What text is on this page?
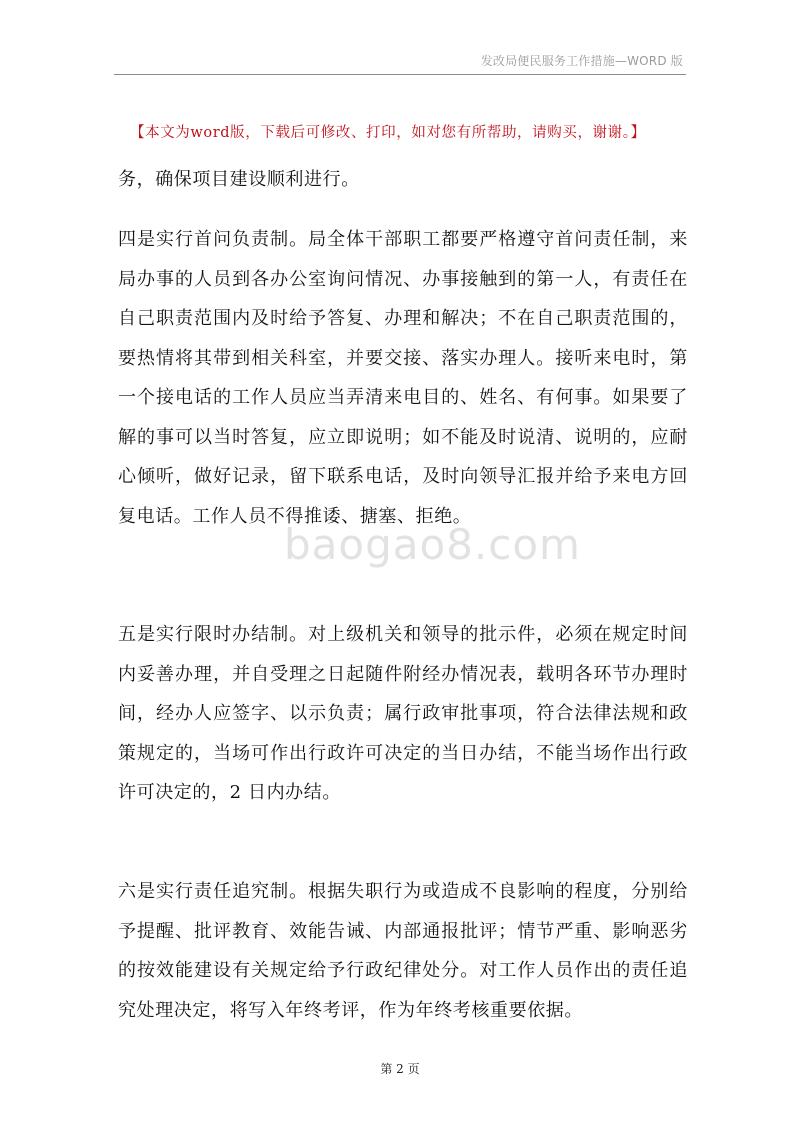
发改局便民服务工作措施—WORD 版
【本文为word版，下载后可修改、打印，如对您有所帮助，请购买，谢谢。】
务，确保项目建设顺利进行。
四是实行首问负责制。局全体干部职工都要严格遵守首问责任制，来局办事的人员到各办公室询问情况、办事接触到的第一人，有责任在自己职责范围内及时给予答复、办理和解决；不在自己职责范围的，要热情将其带到相关科室，并要交接、落实办理人。接听来电时，第一个接电话的工作人员应当弄清来电目的、姓名、有何事。如果要了解的事可以当时答复，应立即说明；如不能及时说清、说明的，应耐心倾听，做好记录，留下联系电话，及时向领导汇报并给予来电方回复电话。工作人员不得推诿、搪塞、拒绝。
baogao8.com
五是实行限时办结制。对上级机关和领导的批示件，必须在规定时间内妥善办理，并自受理之日起随件附经办情况表，载明各环节办理时间，经办人应签字、以示负责；属行政审批事项，符合法律法规和政策规定的，当场可作出行政许可决定的当日办结，不能当场作出行政许可决定的，2 日内办结。
六是实行责任追究制。根据失职行为或造成不良影响的程度，分别给予提醒、批评教育、效能告诫、内部通报批评；情节严重、影响恶劣的按效能建设有关规定给予行政纪律处分。对工作人员作出的责任追究处理决定，将写入年终考评，作为年终考核重要依据。
第 2 页
